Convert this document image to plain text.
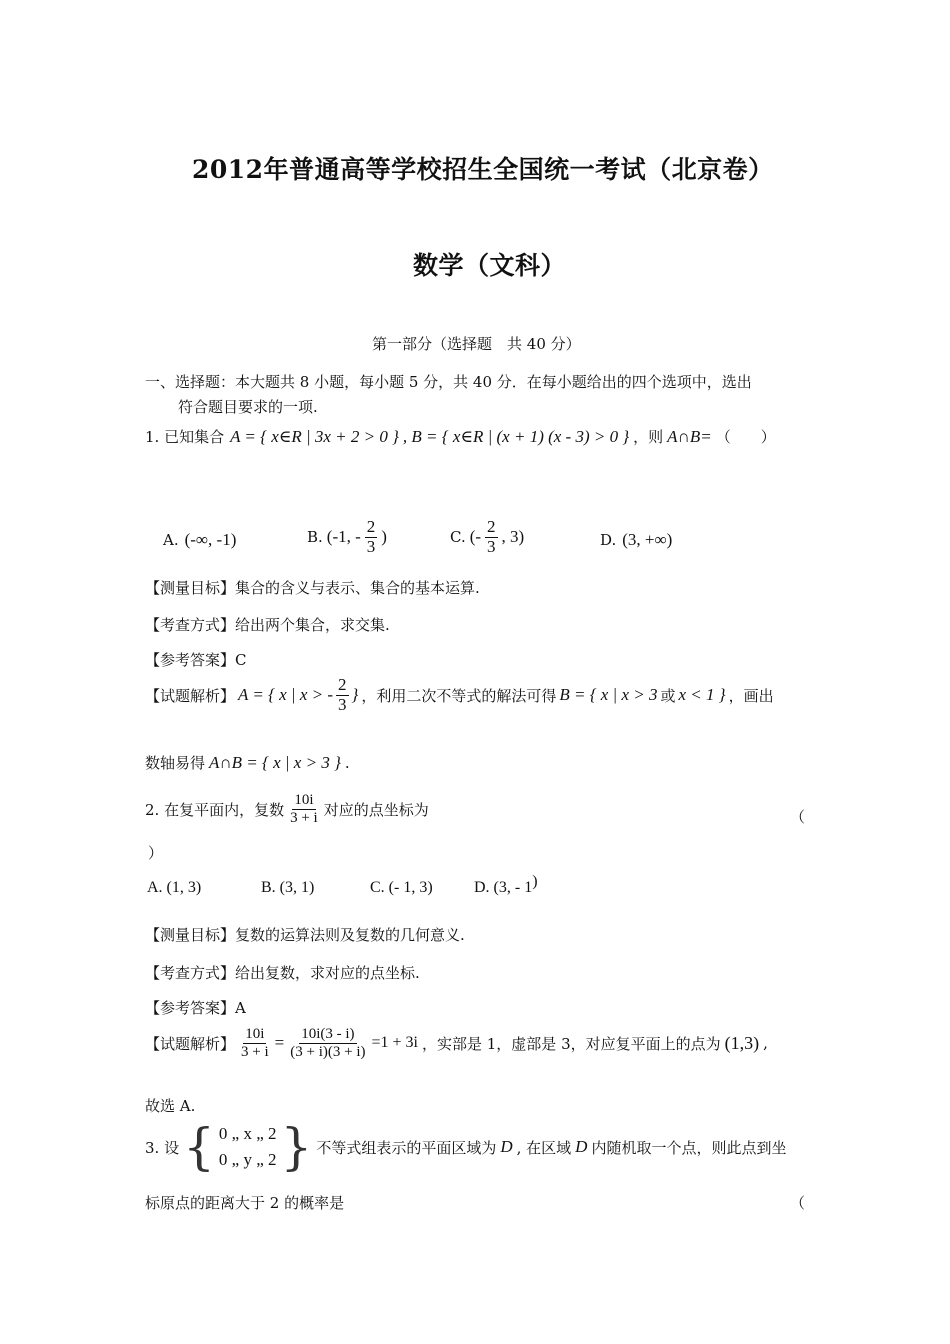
2012年普通高等学校招生全国统一考试（北京卷）
数学（文科）
第一部分（选择题　共 40 分）
一、选择题：本大题共 8 小题，每小题 5 分，共 40 分．在每小题给出的四个选项中，选出
符合题目要求的一项.
1. 已知集合 A = { x∈R | 3x + 2 > 0 } , B = { x∈R | (x + 1) (x - 3) > 0 } ，则 A∩B= （　　）
A. (-∞, -1)	B. (-1, - $\frac{2}{3}$ )	C. (- $\frac{2}{3}$ , 3)	D. (3, +∞)
【测量目标】集合的含义与表示、集合的基本运算.
【考查方式】给出两个集合，求交集.
【参考答案】C
【试题解析】 A = { x | x > - $\frac{2}{3}$ } ，利用二次不等式的解法可得 B = { x | x > 3 或 x < 1 } ，画出
数轴易得 A∩B = { x | x > 3 } .
2. 在复平面内，复数 $\frac{10i}{3 + i}$ 对应的点坐标为	（
）
A. (1, 3)	B. (3, 1)	C. (- 1, 3)	D. (3, - 1)
【测量目标】复数的运算法则及复数的几何意义.
【考查方式】给出复数，求对应的点坐标.
【参考答案】A
【试题解析】 $\frac{10i}{3 + i} = \frac{10i(3 - i)}{(3 + i)(3 + i)} =1 + 3i$ ，实部是 1，虚部是 3，对应复平面上的点为 (1,3) ,
故选 A.
3. 设 { 0 „ x „ 2
0 „ y „ 2 } 不等式组表示的平面区域为 D , 在区域 D 内随机取一个点，则此点到坐
标原点的距离大于 2 的概率是	（
